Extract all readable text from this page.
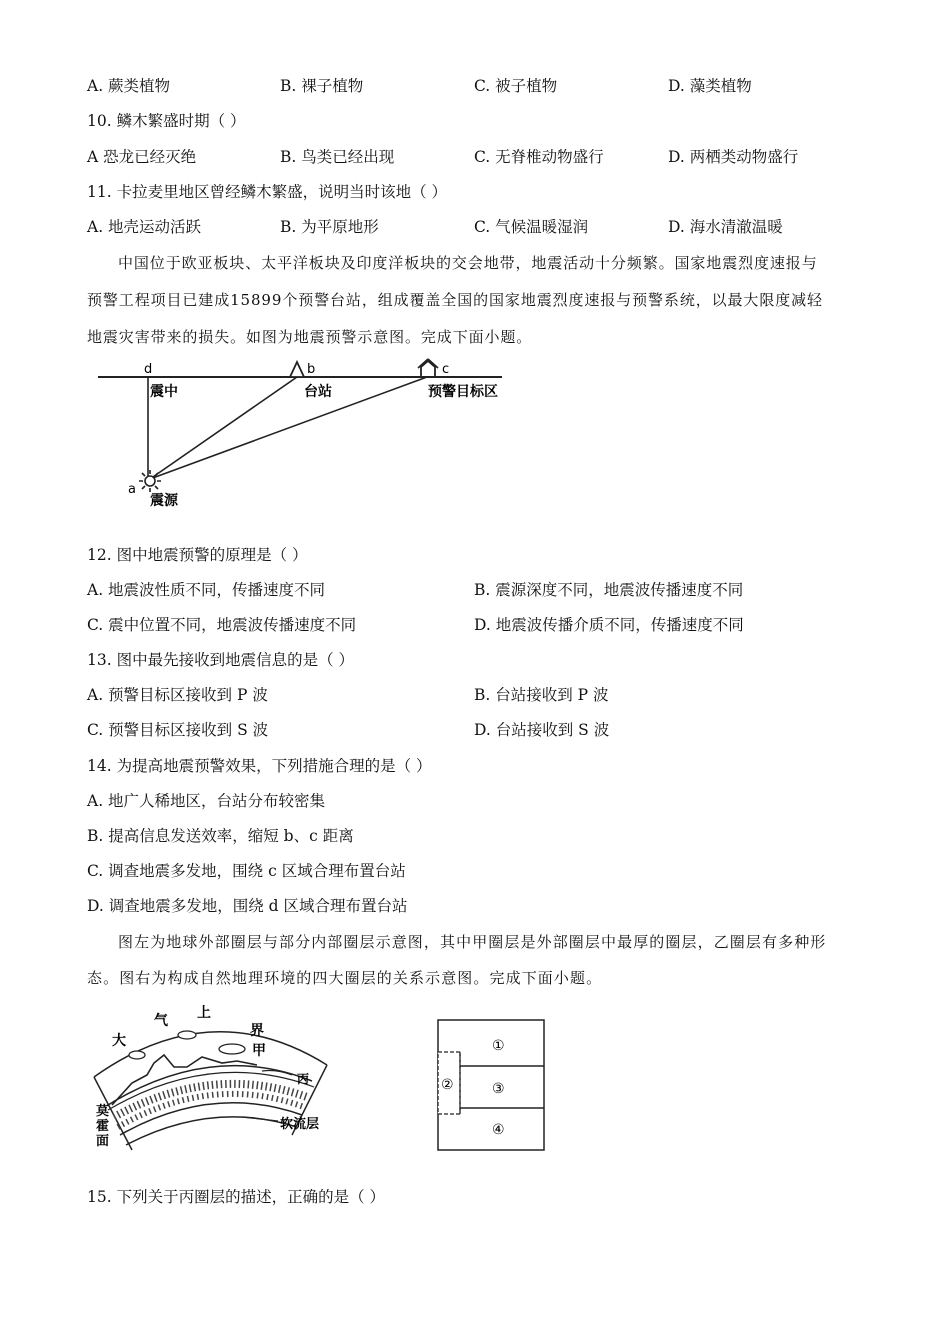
A. 蕨类植物	B. 裸子植物	C. 被子植物	D. 藻类植物
10. 鳞木繁盛时期（ ）
A 恐龙已经灭绝	B. 鸟类已经出现	C. 无脊椎动物盛行	D. 两栖类动物盛行
11. 卡拉麦里地区曾经鳞木繁盛，说明当时该地（ ）
A. 地壳运动活跃	B. 为平原地形	C. 气候温暖湿润	D. 海水清澈温暖
中国位于欧亚板块、太平洋板块及印度洋板块的交会地带，地震活动十分频繁。国家地震烈度速报与
预警工程项目已建成15899个预警台站，组成覆盖全国的国家地震烈度速报与预警系统，以最大限度减轻
地震灾害带来的损失。如图为地震预警示意图。完成下面小题。
d
震中
b
台站
c
预警目标区
a
震源
12. 图中地震预警的原理是（ ）
A. 地震波性质不同，传播速度不同	B. 震源深度不同，地震波传播速度不同
C. 震中位置不同，地震波传播速度不同	D. 地震波传播介质不同，传播速度不同
13. 图中最先接收到地震信息的是（ ）
A. 预警目标区接收到 P 波	B. 台站接收到 P 波
C. 预警目标区接收到 S 波	D. 台站接收到 S 波
14. 为提高地震预警效果，下列措施合理的是（ ）
A. 地广人稀地区，台站分布较密集
B. 提高信息发送效率，缩短 b、c 距离
C. 调查地震多发地，围绕 c 区域合理布置台站
D. 调查地震多发地，围绕 d 区域合理布置台站
图左为地球外部圈层与部分内部圈层示意图，其中甲圈层是外部圈层中最厚的圈层，乙圈层有多种形
态。图右为构成自然地理环境的四大圈层的关系示意图。完成下面小题。
大
气 上
界
甲
丙
莫
霍
面
软流层
①
②	③
④
15. 下列关于丙圈层的描述，正确的是（ ）
